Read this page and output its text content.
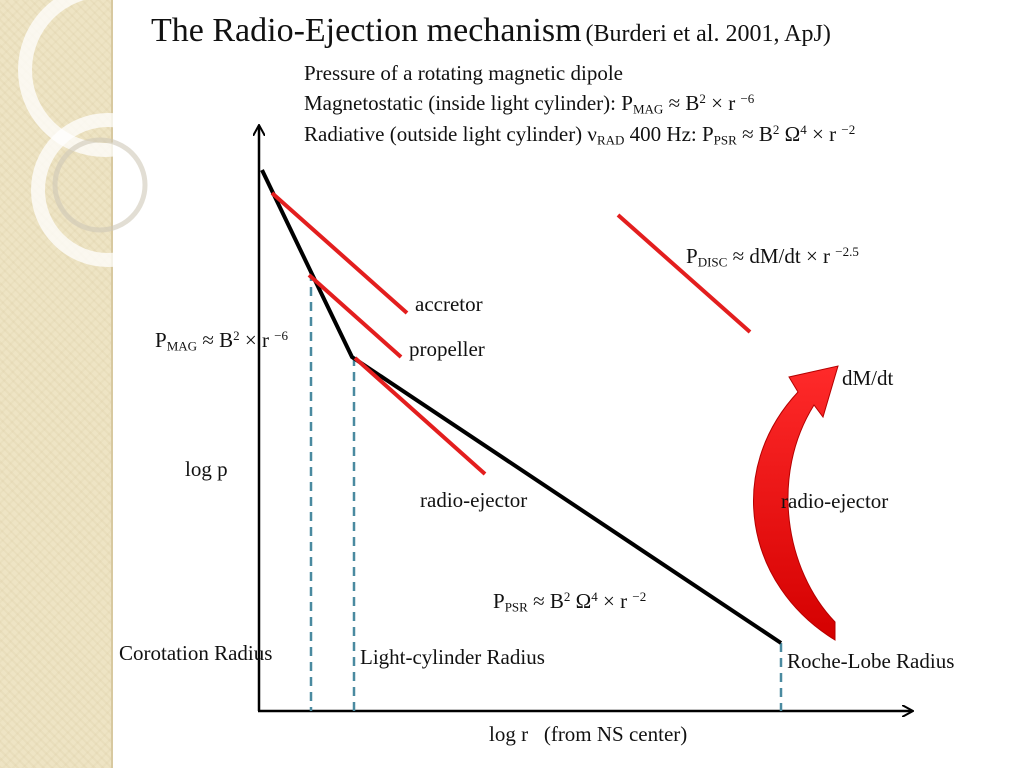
The Radio-Ejection mechanism (Burderi et al. 2001, ApJ)
Pressure of a rotating magnetic dipole
Magnetostatic (inside light cylinder): $P_{MAG} \approx B^2 \times r$ $^{-6}$
Radiative (outside light cylinder) $\nu_{RAD}$ 400 Hz: $P_{PSR} \approx B^2$ $\Omega^4 \times r$ $^{-2}$
$P_{DISC} \approx dM/dt \times r$ $^{-2.5}$
accretor
propeller
$P_{MAG} \approx B^2 \times r$ $^{-6}$
dM/dt
log p
radio-ejector	radio-ejector
$P_{PSR} \approx B^2$ $\Omega^4 \times r$ $^{-2}$
Corotation Radius	Light-cylinder Radius	Roche-Lobe Radius
log r   (from NS center)
